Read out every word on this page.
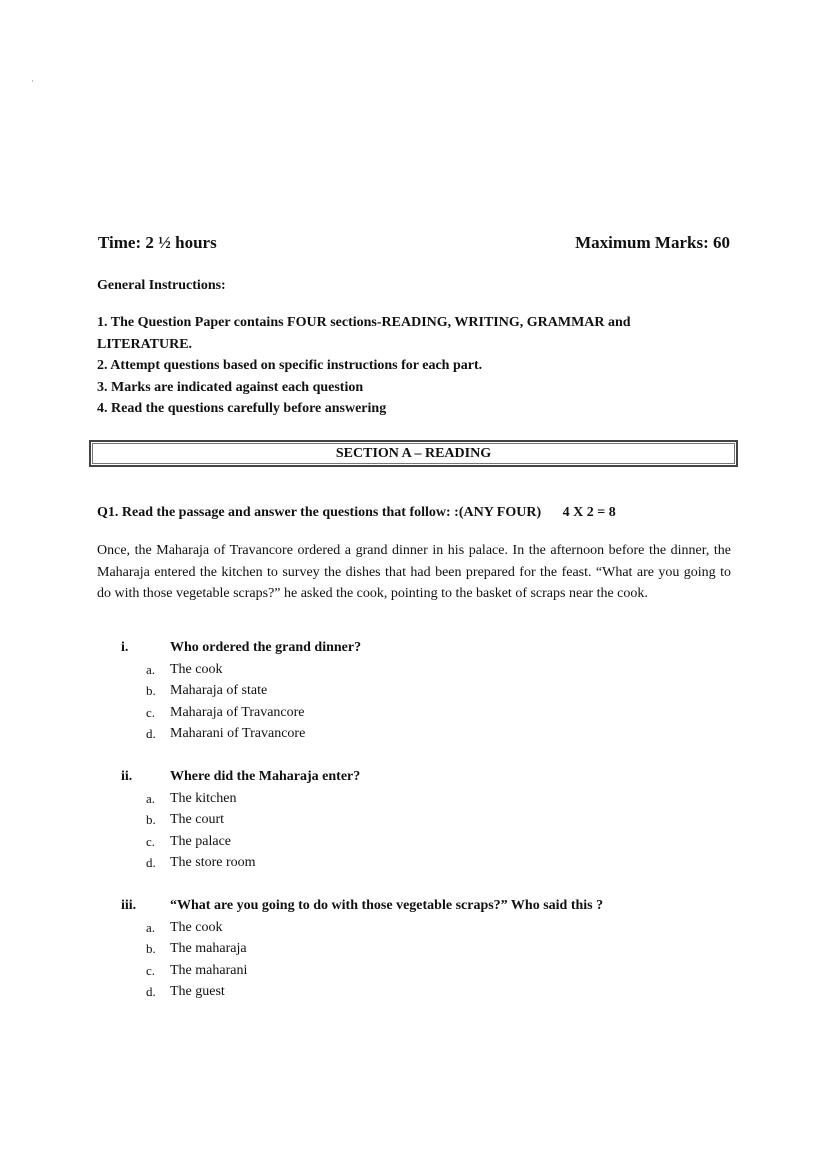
·
Time: 2 ½ hours	Maximum Marks: 60
General Instructions:
1. The Question Paper contains FOUR sections-READING, WRITING, GRAMMAR and LITERATURE.
2. Attempt questions based on specific instructions for each part.
3. Marks are indicated against each question
4. Read the questions carefully before answering
SECTION A – READING
Q1. Read the passage and answer the questions that follow: :(ANY FOUR) 4 X 2 = 8
Once, the Maharaja of Travancore ordered a grand dinner in his palace. In the afternoon before the dinner, the Maharaja entered the kitchen to survey the dishes that had been prepared for the feast. “What are you going to do with those vegetable scraps?” he asked the cook, pointing to the basket of scraps near the cook.
i.	Who ordered the grand dinner?
a. The cook
b. Maharaja of state
c. Maharaja of Travancore
d. Maharani of Travancore
ii.	Where did the Maharaja enter?
a. The kitchen
b. The court
c. The palace
d. The store room
iii. “What are you going to do with those vegetable scraps?” Who said this ?
a. The cook
b. The maharaja
c. The maharani
d. The guest
